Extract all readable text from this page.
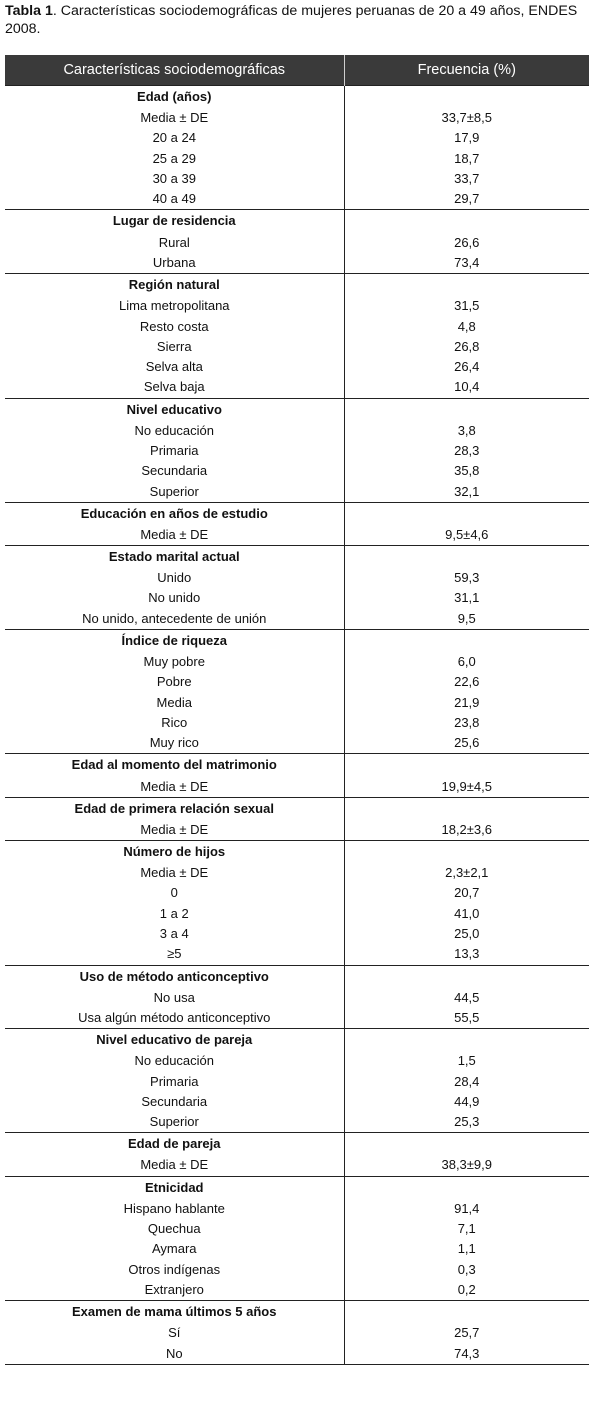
Tabla 1. Características sociodemográficas de mujeres peruanas de 20 a 49 años, ENDES 2008.
Características sociodemográficas	Frecuencia (%)
Edad (años)	
Media ± DE	33,7±8,5
20 a 24	17,9
25 a 29	18,7
30 a 39	33,7
40 a 49	29,7
Lugar de residencia	
Rural	26,6
Urbana	73,4
Región natural	
Lima metropolitana	31,5
Resto costa	4,8
Sierra	26,8
Selva alta	26,4
Selva baja	10,4
Nivel educativo	
No educación	3,8
Primaria	28,3
Secundaria	35,8
Superior	32,1
Educación en años de estudio	
Media ± DE	9,5±4,6
Estado marital actual	
Unido	59,3
No unido	31,1
No unido, antecedente de unión	9,5
Índice de riqueza	
Muy pobre	6,0
Pobre	22,6
Media	21,9
Rico	23,8
Muy rico	25,6
Edad al momento del matrimonio	
Media ± DE	19,9±4,5
Edad de primera relación sexual	
Media ± DE	18,2±3,6
Número de hijos	
Media ± DE	2,3±2,1
0	20,7
1 a 2	41,0
3 a 4	25,0
≥5	13,3
Uso de método anticonceptivo	
No usa	44,5
Usa algún método anticonceptivo	55,5
Nivel educativo de pareja	
No educación	1,5
Primaria	28,4
Secundaria	44,9
Superior	25,3
Edad de pareja	
Media ± DE	38,3±9,9
Etnicidad	
Hispano hablante	91,4
Quechua	7,1
Aymara	1,1
Otros indígenas	0,3
Extranjero	0,2
Examen de mama últimos 5 años	
Sí	25,7
No	74,3
